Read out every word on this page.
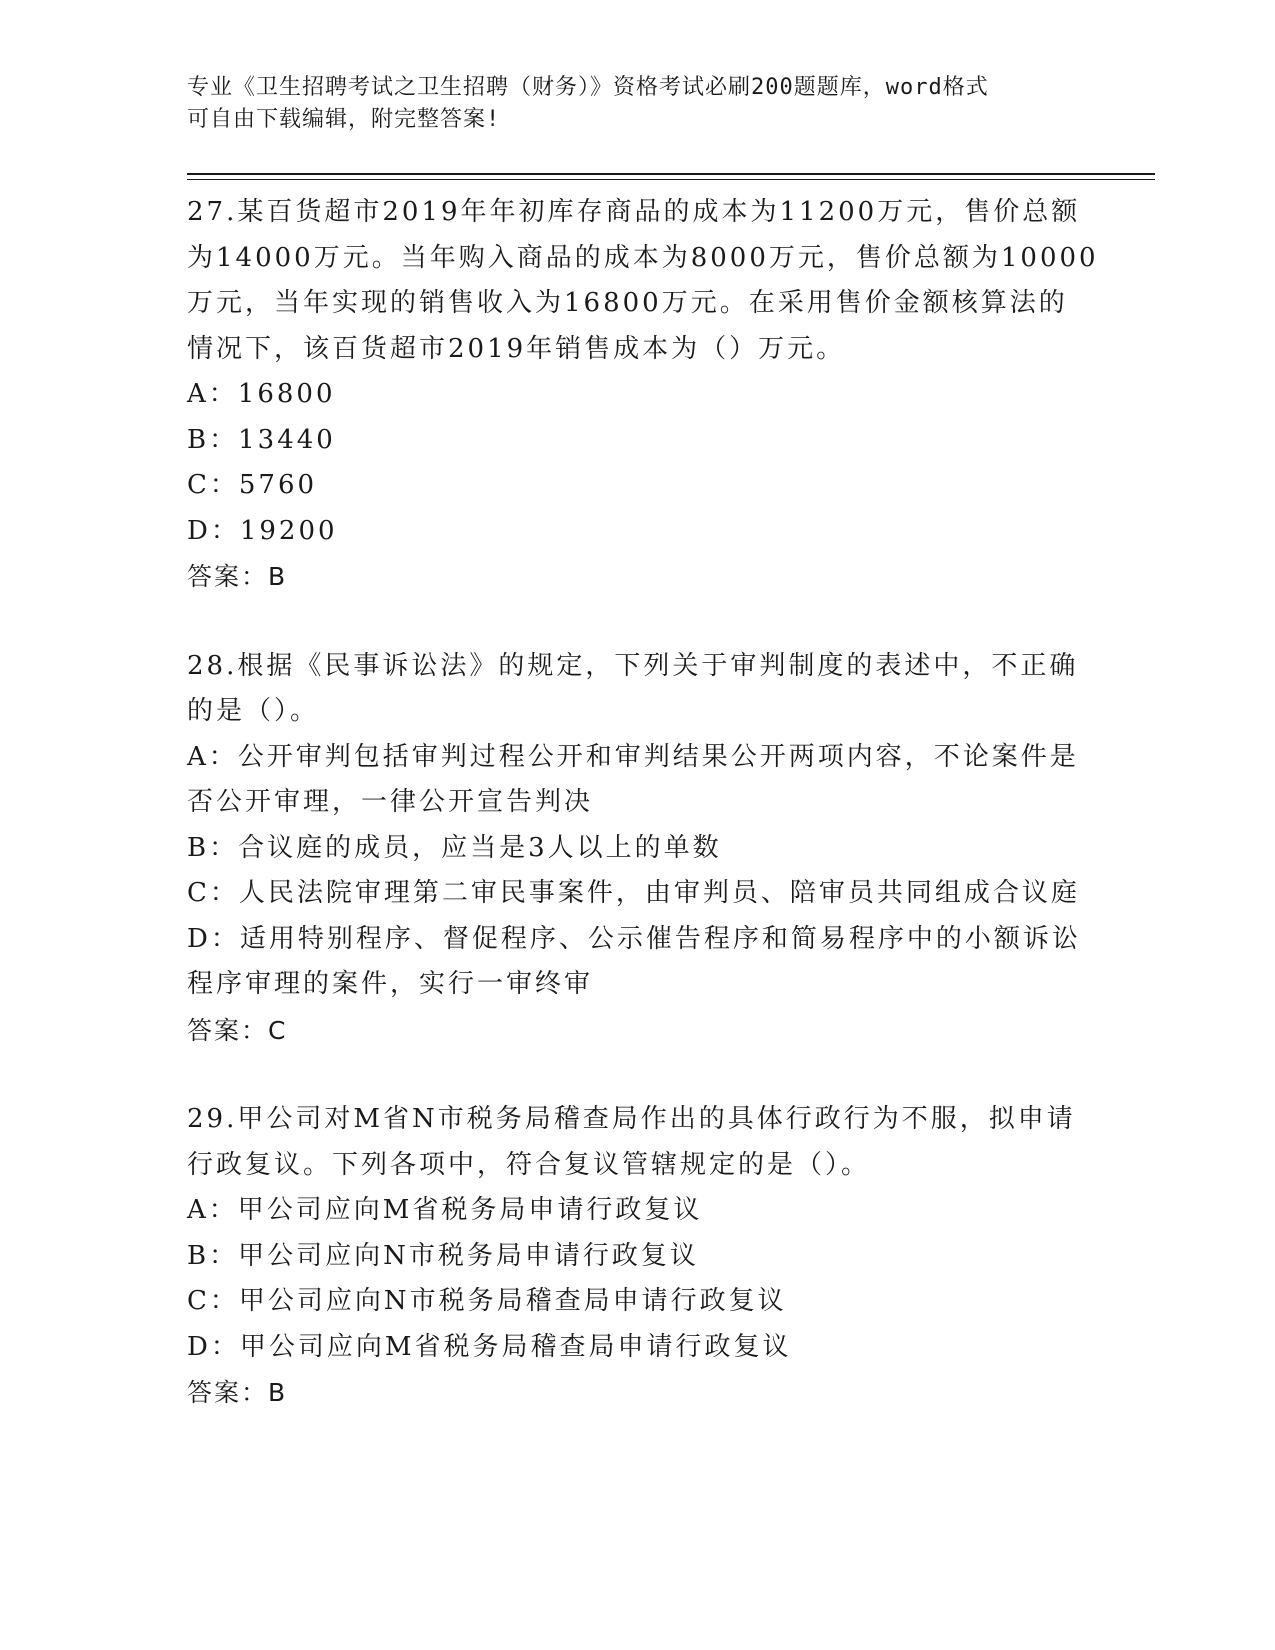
专业《卫生招聘考试之卫生招聘（财务）》资格考试必刷200题题库，word格式
可自由下载编辑，附完整答案!
27.某百货超市2019年年初库存商品的成本为11200万元，售价总额
为14000万元。当年购入商品的成本为8000万元，售价总额为10000
万元，当年实现的销售收入为16800万元。在采用售价金额核算法的
情况下，该百货超市2019年销售成本为（）万元。
A：16800
B：13440
C：5760
D：19200
答案：B
28.根据《民事诉讼法》的规定，下列关于审判制度的表述中，不正确
的是（）。
A：公开审判包括审判过程公开和审判结果公开两项内容，不论案件是
否公开审理，一律公开宣告判决
B：合议庭的成员，应当是3人以上的单数
C：人民法院审理第二审民事案件，由审判员、陪审员共同组成合议庭
D：适用特别程序、督促程序、公示催告程序和简易程序中的小额诉讼
程序审理的案件，实行一审终审
答案：C
29.甲公司对M省N市税务局稽查局作出的具体行政行为不服，拟申请
行政复议。下列各项中，符合复议管辖规定的是（）。
A：甲公司应向M省税务局申请行政复议
B：甲公司应向N市税务局申请行政复议
C：甲公司应向N市税务局稽查局申请行政复议
D：甲公司应向M省税务局稽查局申请行政复议
答案：B
